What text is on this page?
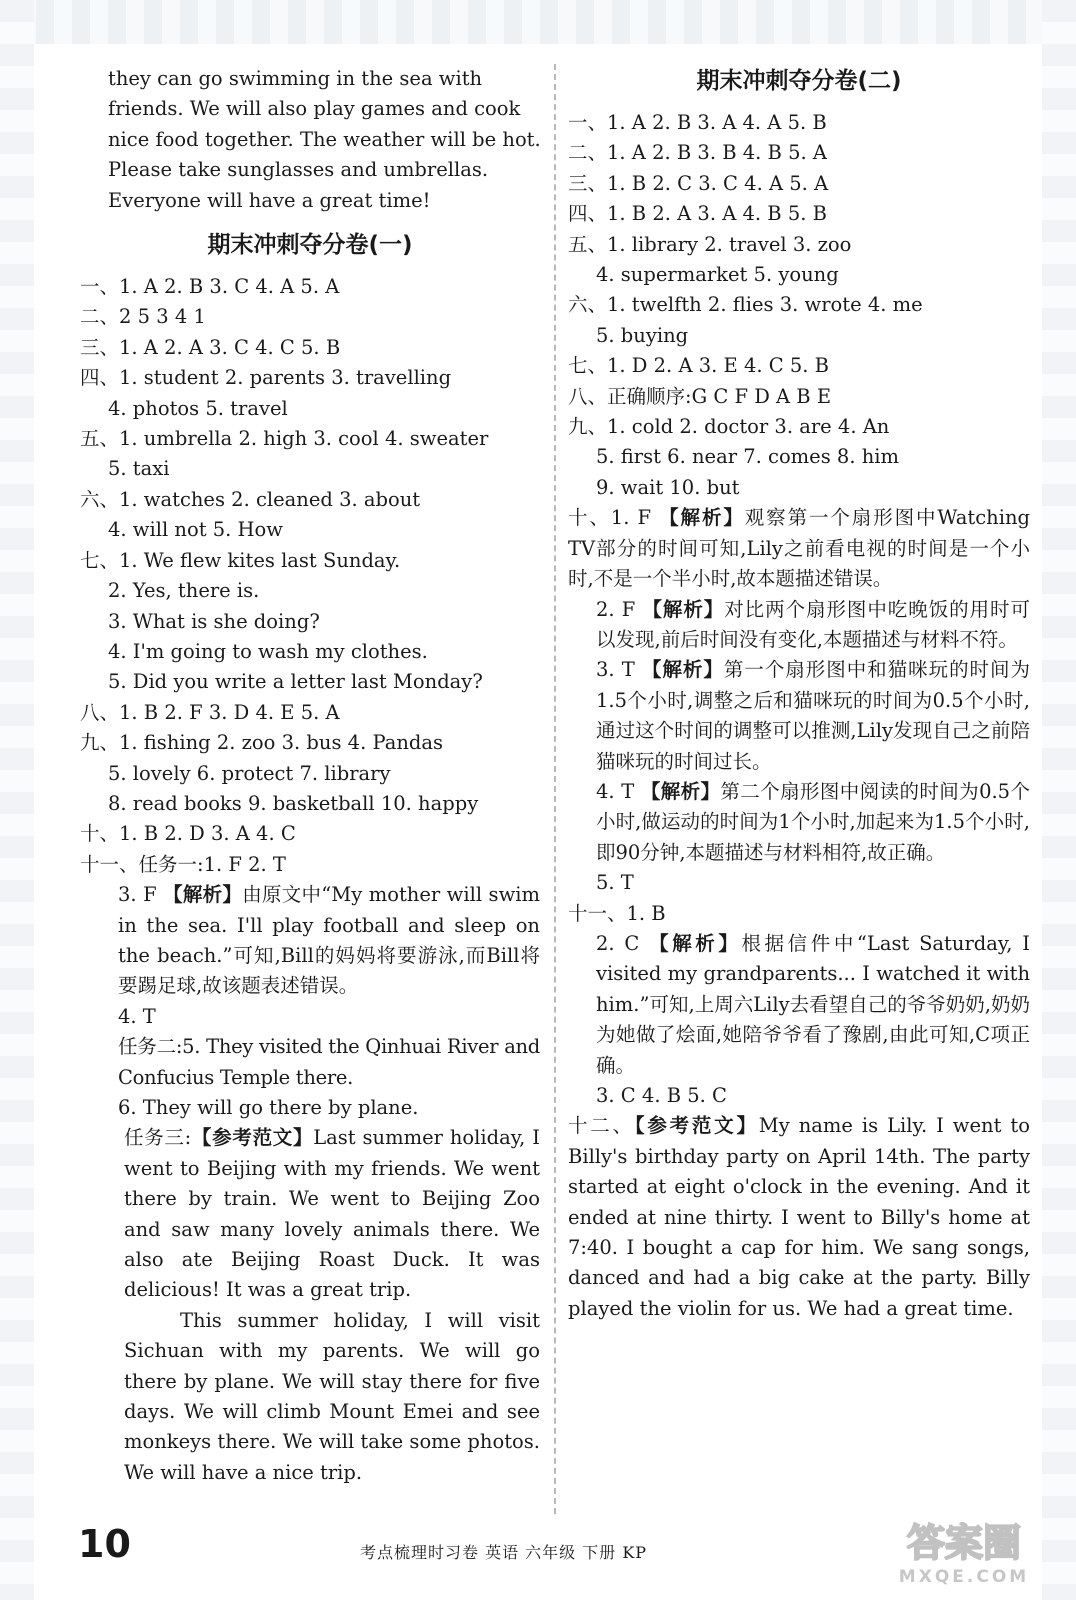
they can go swimming in the sea with
friends. We will also play games and cook
nice food together. The weather will be hot.
Please take sunglasses and umbrellas.
Everyone will have a great time!
期末冲刺夺分卷(一)
一、1. A 2. B 3. C 4. A 5. A
二、2 5 3 4 1
三、1. A 2. A 3. C 4. C 5. B
四、1. student 2. parents 3. travelling
4. photos 5. travel
五、1. umbrella 2. high 3. cool 4. sweater
5. taxi
六、1. watches 2. cleaned 3. about
4. will not 5. How
七、1. We flew kites last Sunday.
2. Yes, there is.
3. What is she doing?
4. I'm going to wash my clothes.
5. Did you write a letter last Monday?
八、1. B 2. F 3. D 4. E 5. A
九、1. fishing 2. zoo 3. bus 4. Pandas
5. lovely 6. protect 7. library
8. read books 9. basketball 10. happy
十、1. B 2. D 3. A 4. C
十一、任务一:1. F 2. T
3. F 【解析】由原文中“My mother will swim in the sea. I'll play football and sleep on the beach.”可知,Bill的妈妈将要游泳,而Bill将要踢足球,故该题表述错误。
4. T
任务二:5. They visited the Qinhuai River and Confucius Temple there.
6. They will go there by plane.
任务三:【参考范文】Last summer holiday, I went to Beijing with my friends. We went there by train. We went to Beijing Zoo and saw many lovely animals there. We also ate Beijing Roast Duck. It was delicious! It was a great trip.
This summer holiday, I will visit Sichuan with my parents. We will go there by plane. We will stay there for five days. We will climb Mount Emei and see monkeys there. We will take some photos. We will have a nice trip.
期末冲刺夺分卷(二)
一、1. A 2. B 3. A 4. A 5. B
二、1. A 2. B 3. B 4. B 5. A
三、1. B 2. C 3. C 4. A 5. A
四、1. B 2. A 3. A 4. B 5. B
五、1. library 2. travel 3. zoo
4. supermarket 5. young
六、1. twelfth 2. flies 3. wrote 4. me
5. buying
七、1. D 2. A 3. E 4. C 5. B
八、正确顺序:G C F D A B E
九、1. cold 2. doctor 3. are 4. An
5. first 6. near 7. comes 8. him
9. wait 10. but
十、1. F 【解析】观察第一个扇形图中Watching TV部分的时间可知,Lily之前看电视的时间是一个小时,不是一个半小时,故本题描述错误。
2. F 【解析】对比两个扇形图中吃晚饭的用时可以发现,前后时间没有变化,本题描述与材料不符。
3. T 【解析】第一个扇形图中和猫咪玩的时间为1.5个小时,调整之后和猫咪玩的时间为0.5个小时,通过这个时间的调整可以推测,Lily发现自己之前陪猫咪玩的时间过长。
4. T 【解析】第二个扇形图中阅读的时间为0.5个小时,做运动的时间为1个小时,加起来为1.5个小时,即90分钟,本题描述与材料相符,故正确。
5. T
十一、1. B
2. C 【解析】根据信件中“Last Saturday, I visited my grandparents... I watched it with him.”可知,上周六Lily去看望自己的爷爷奶奶,奶奶为她做了烩面,她陪爷爷看了豫剧,由此可知,C项正确。
3. C 4. B 5. C
十二、【参考范文】My name is Lily. I went to Billy's birthday party on April 14th. The party started at eight o'clock in the evening. And it ended at nine thirty. I went to Billy's home at 7:40. I bought a cap for him. We sang songs, danced and had a big cake at the party. Billy played the violin for us. We had a great time.
10	考点梳理时习卷 英语 六年级 下册 KP	答案圈
MXQE.COM
